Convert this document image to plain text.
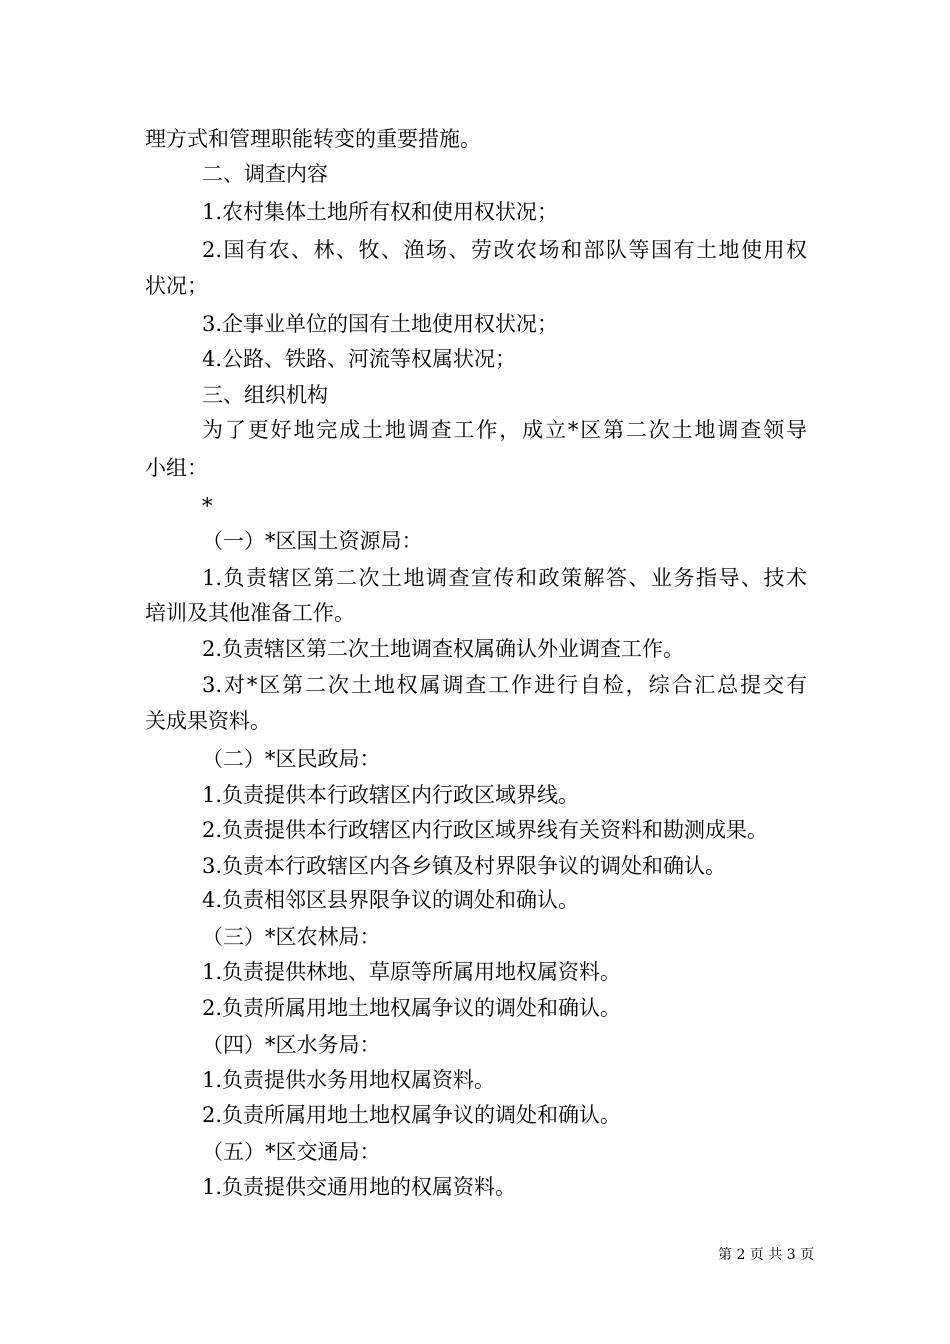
理方式和管理职能转变的重要措施。
二、调查内容
1.农村集体土地所有权和使用权状况；
2.国有农、林、牧、渔场、劳改农场和部队等国有土地使用权
状况；
3.企事业单位的国有土地使用权状况；
4.公路、铁路、河流等权属状况；
三、组织机构
为了更好地完成土地调查工作，成立*区第二次土地调查领导
小组：
*
（一）*区国土资源局：
1.负责辖区第二次土地调查宣传和政策解答、业务指导、技术
培训及其他准备工作。
2.负责辖区第二次土地调查权属确认外业调查工作。
3.对*区第二次土地权属调查工作进行自检，综合汇总提交有
关成果资料。
（二）*区民政局：
1.负责提供本行政辖区内行政区域界线。
2.负责提供本行政辖区内行政区域界线有关资料和勘测成果。
3.负责本行政辖区内各乡镇及村界限争议的调处和确认。
4.负责相邻区县界限争议的调处和确认。
（三）*区农林局：
1.负责提供林地、草原等所属用地权属资料。
2.负责所属用地土地权属争议的调处和确认。
（四）*区水务局：
1.负责提供水务用地权属资料。
2.负责所属用地土地权属争议的调处和确认。
（五）*区交通局：
1.负责提供交通用地的权属资料。
第 2 页 共 3 页
